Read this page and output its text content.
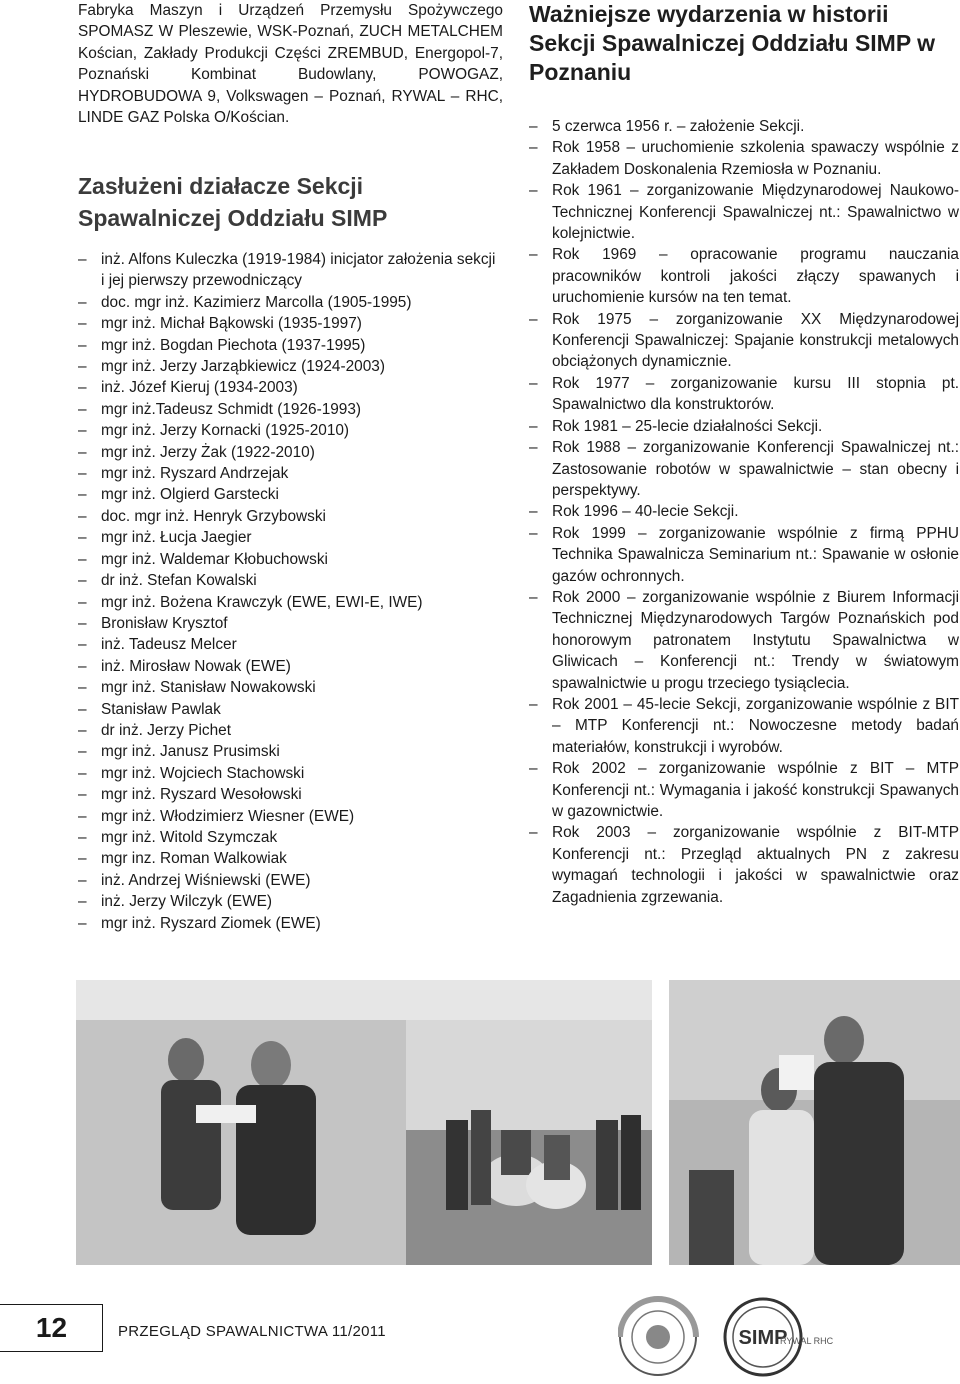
Fabryka Maszyn i Urządzeń Przemysłu Spożywczego SPOMASZ W Pleszewie, WSK-Poznań, ZUCH METALCHEM Kościan, Zakłady Produkcji Części ZREMBUD, Energopol-7, Poznański Kombinat Budowlany, POWOGAZ, HYDROBUDOWA 9, Volkswagen – Poznań, RYWAL – RHC, LINDE GAZ Polska O/Kościan.

Zasłużeni działacze Sekcji Spawalniczej Oddziału SIMP
– inż. Alfons Kuleczka (1919-1984) inicjator założenia sekcji i jej pierwszy przewodniczący
– doc. mgr inż. Kazimierz Marcolla (1905-1995)
– mgr inż. Michał Bąkowski (1935-1997)
– mgr inż. Bogdan Piechota (1937-1995)
– mgr inż. Jerzy Jarząbkiewicz (1924-2003)
– inż. Józef Kieruj (1934-2003)
– mgr inż.Tadeusz Schmidt (1926-1993)
– mgr inż. Jerzy Kornacki (1925-2010)
– mgr inż. Jerzy Żak (1922-2010)
– mgr inż. Ryszard Andrzejak
– mgr inż. Olgierd Garstecki
– doc. mgr inż. Henryk Grzybowski
– mgr inż. Łucja Jaegier
– mgr inż. Waldemar Kłobuchowski
– dr inż. Stefan Kowalski
– mgr inż. Bożena Krawczyk (EWE, EWI-E, IWE)
– Bronisław Krysztof
– inż. Tadeusz Melcer
– inż. Mirosław Nowak (EWE)
– mgr inż. Stanisław Nowakowski
– Stanisław Pawlak
– dr inż. Jerzy Pichet
– mgr inż. Janusz Prusimski
– mgr inż. Wojciech Stachowski
– mgr inż. Ryszard Wesołowski
– mgr inż. Włodzimierz Wiesner (EWE)
– mgr inż. Witold Szymczak
– mgr inz. Roman Walkowiak
– inż. Andrzej Wiśniewski (EWE)
– inż. Jerzy Wilczyk (EWE)
– mgr inż. Ryszard Ziomek (EWE)
Ważniejsze wydarzenia w historii Sekcji Spawalniczej Oddziału SIMP w Poznaniu
– 5 czerwca 1956 r. – założenie Sekcji.
– Rok 1958 – uruchomienie szkolenia spawaczy wspólnie z Zakładem Doskonalenia Rzemiosła w Poznaniu.
– Rok 1961 – zorganizowanie Międzynarodowej Naukowo-Technicznej Konferencji Spawalniczej nt.: Spawalnictwo w kolejnictwie.
– Rok 1969 – opracowanie programu nauczania pracowników kontroli jakości złączy spawanych i uruchomienie kursów na ten temat.
– Rok 1975 – zorganizowanie XX Międzynarodowej Konferencji Spawalniczej: Spajanie konstrukcji metalowych obciążonych dynamicznie.
– Rok 1977 – zorganizowanie kursu III stopnia pt. Spawalnictwo dla konstruktorów.
– Rok 1981 – 25-lecie działalności Sekcji.
– Rok 1988 – zorganizowanie Konferencji Spawalniczej nt.: Zastosowanie robotów w spawalnictwie – stan obecny i perspektywy.
– Rok 1996 – 40-lecie Sekcji.
– Rok 1999 – zorganizowanie wspólnie z firmą PPHU Technika Spawalnicza Seminarium nt.: Spawanie w osłonie gazów ochronnych.
– Rok 2000 – zorganizowanie wspólnie z Biurem Informacji Technicznej Międzynarodowych Targów Poznańskich pod honorowym patronatem Instytutu Spawalnictwa w Gliwicach – Konferencji nt.: Trendy w światowym spawalnictwie u progu trzeciego tysiąclecia.
– Rok 2001 – 45-lecie Sekcji, zorganizowanie wspólnie z BIT – MTP Konferencji nt.: Nowoczesne metody badań materiałów, konstrukcji i wyrobów.
– Rok 2002 – zorganizowanie wspólnie z BIT – MTP Konferencji nt.: Wymagania i jakość konstrukcji Spawanych w gazownictwie.
– Rok 2003 – zorganizowanie wspólnie z BIT-MTP Konferencji nt.: Przegląd aktualnych PN z zakresu wymagań technologii i jakości w spawalnictwie oraz Zagadnienia zgrzewania.
12	PRZEGLĄD SPAWALNICTWA 11/2011	SIMP
RYWAL RHC
